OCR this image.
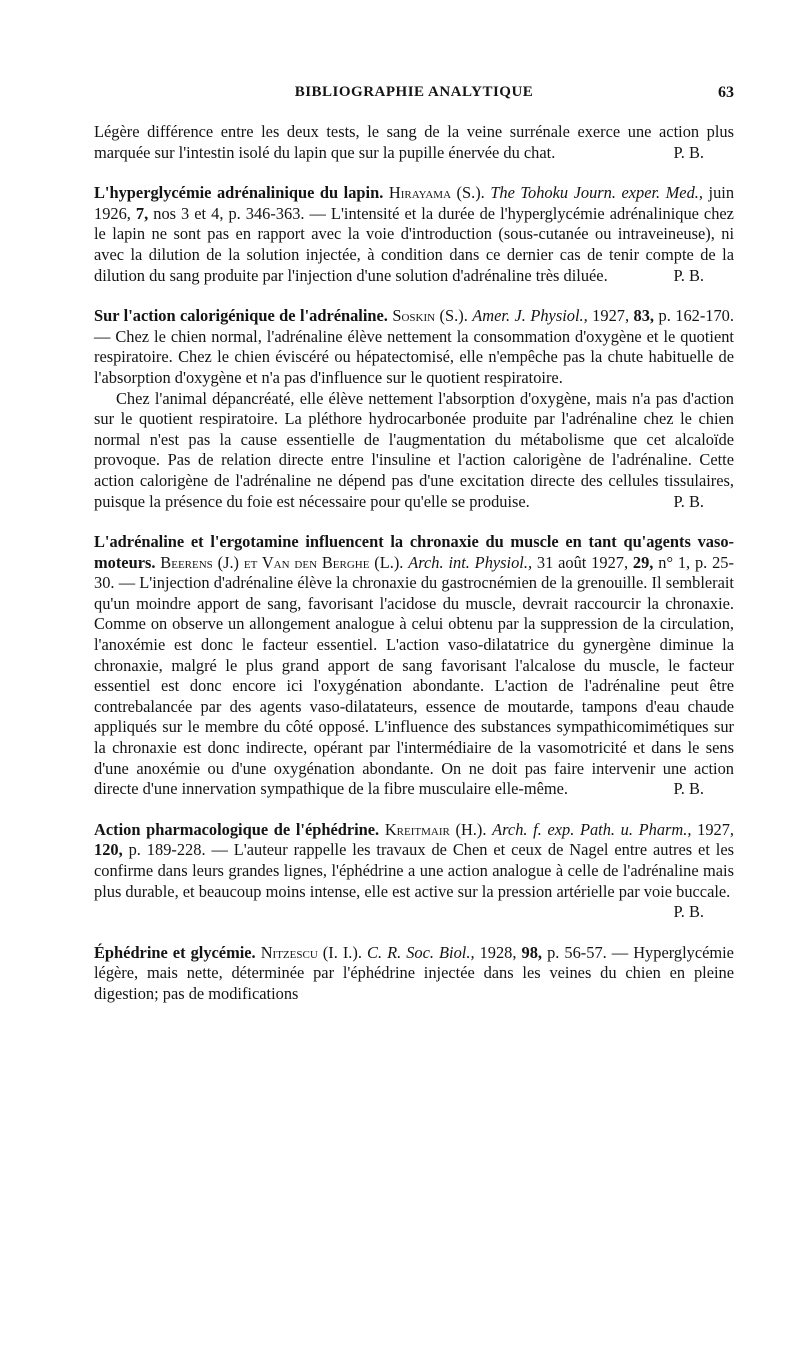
BIBLIOGRAPHIE ANALYTIQUE	63

Légère différence entre les deux tests, le sang de la veine surrénale exerce une action plus marquée sur l'intestin isolé du lapin que sur la pupille énervée du chat.	P. B.

L'hyperglycémie adrénalinique du lapin. Hirayama (S.). The Tohoku Journ. exper. Med., juin 1926, 7, nos 3 et 4, p. 346-363. — L'intensité et la durée de l'hyperglycémie adrénalinique chez le lapin ne sont pas en rapport avec la voie d'introduction (sous-cutanée ou intraveineuse), ni avec la dilution de la solution injectée, à condition dans ce dernier cas de tenir compte de la dilution du sang produite par l'injection d'une solution d'adrénaline très diluée.	P. B.

Sur l'action calorigénique de l'adrénaline. Soskin (S.). Amer. J. Physiol., 1927, 83, p. 162-170. — Chez le chien normal, l'adrénaline élève nettement la consommation d'oxygène et le quotient respiratoire. Chez le chien éviscéré ou hépatectomisé, elle n'empêche pas la chute habituelle de l'absorption d'oxygène et n'a pas d'influence sur le quotient respiratoire.

Chez l'animal dépancréaté, elle élève nettement l'absorption d'oxygène, mais n'a pas d'action sur le quotient respiratoire. La pléthore hydrocarbonée produite par l'adrénaline chez le chien normal n'est pas la cause essentielle de l'augmentation du métabolisme que cet alcaloïde provoque. Pas de relation directe entre l'insuline et l'action calorigène de l'adrénaline. Cette action calorigène de l'adrénaline ne dépend pas d'une excitation directe des cellules tissulaires, puisque la présence du foie est nécessaire pour qu'elle se produise.	P. B.

L'adrénaline et l'ergotamine influencent la chronaxie du muscle en tant qu'agents vaso-moteurs. Beerens (J.) et Van den Berghe (L.). Arch. int. Physiol., 31 août 1927, 29, n° 1, p. 25-30. — L'injection d'adrénaline élève la chronaxie du gastrocnémien de la grenouille. Il semblerait qu'un moindre apport de sang, favorisant l'acidose du muscle, devrait raccourcir la chronaxie. Comme on observe un allongement analogue à celui obtenu par la suppression de la circulation, l'anoxémie est donc le facteur essentiel. L'action vaso-dilatatrice du gynergène diminue la chronaxie, malgré le plus grand apport de sang favorisant l'alcalose du muscle, le facteur essentiel est donc encore ici l'oxygénation abondante. L'action de l'adrénaline peut être contrebalancée par des agents vaso-dilatateurs, essence de moutarde, tampons d'eau chaude appliqués sur le membre du côté opposé. L'influence des substances sympathicomimétiques sur la chronaxie est donc indirecte, opérant par l'intermédiaire de la vasomotricité et dans le sens d'une anoxémie ou d'une oxygénation abondante. On ne doit pas faire intervenir une action directe d'une innervation sympathique de la fibre musculaire elle-même.	P. B.

Action pharmacologique de l'éphédrine. Kreitmair (H.). Arch. f. exp. Path. u. Pharm., 1927, 120, p. 189-228. — L'auteur rappelle les travaux de Chen et ceux de Nagel entre autres et les confirme dans leurs grandes lignes, l'éphédrine a une action analogue à celle de l'adrénaline mais plus durable, et beaucoup moins intense, elle est active sur la pression artérielle par voie buccale.
P. B.

Éphédrine et glycémie. Nitzescu (I. I.). C. R. Soc. Biol., 1928, 98, p. 56-57. — Hyperglycémie légère, mais nette, déterminée par l'éphédrine injectée dans les veines du chien en pleine digestion; pas de modifications
